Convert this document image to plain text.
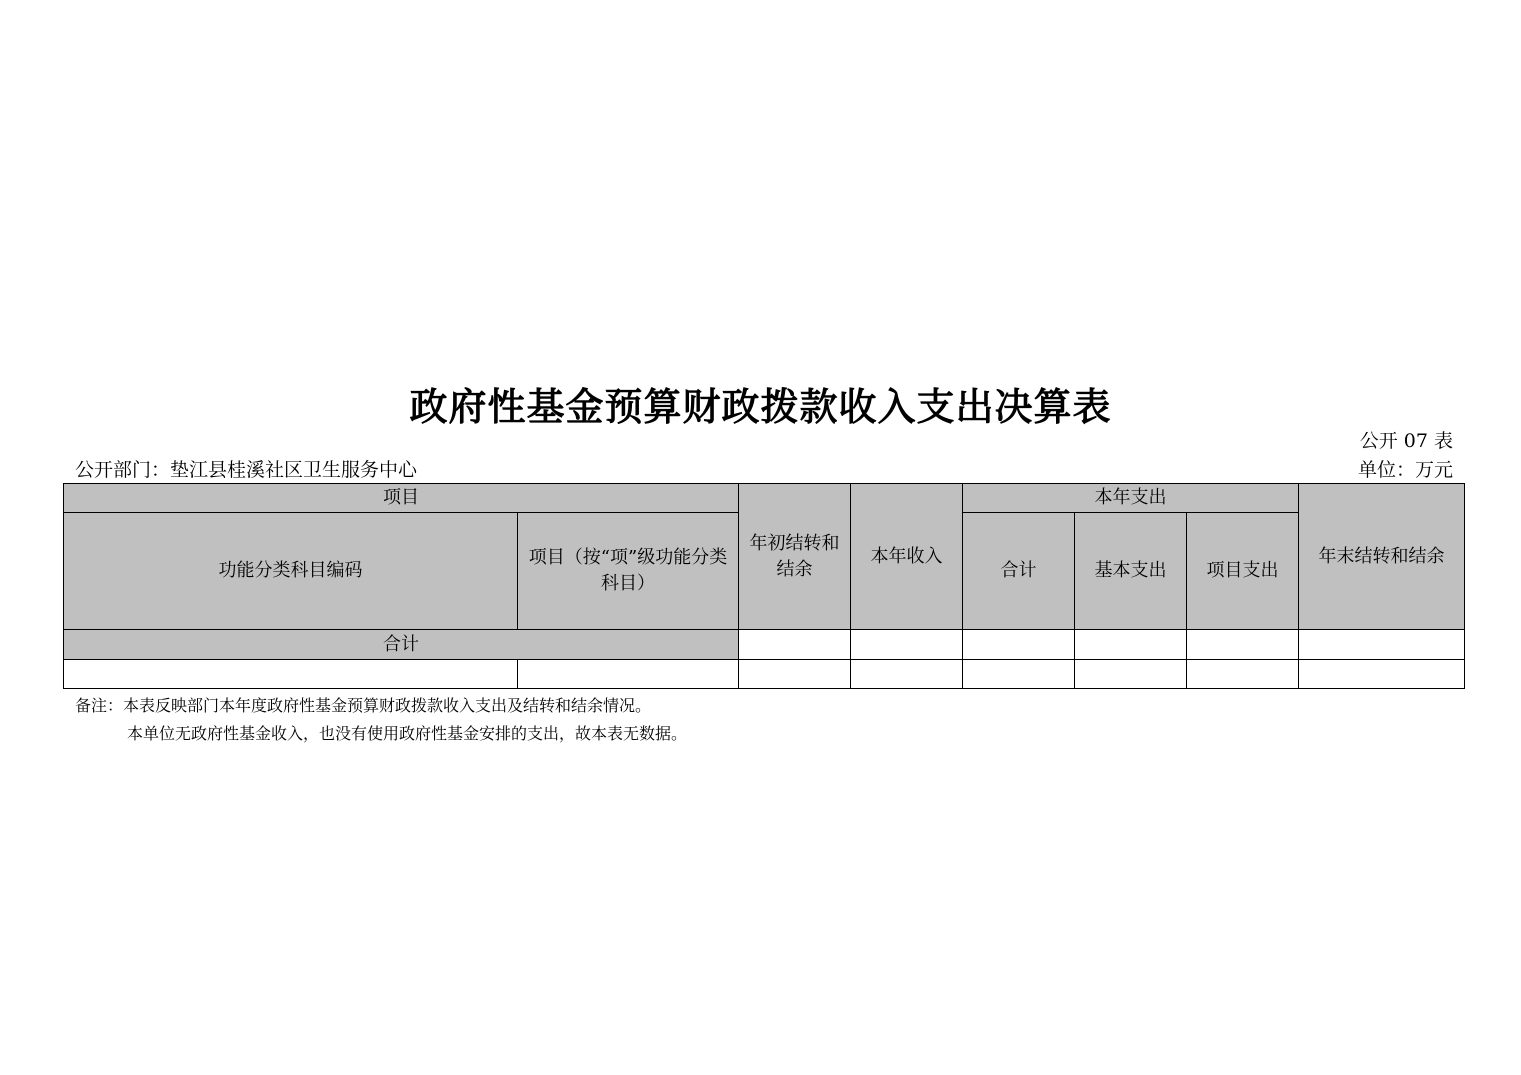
政府性基金预算财政拨款收入支出决算表
公开 07 表
公开部门：垫江县桂溪社区卫生服务中心	单位：万元
项目		年初结转和结余	本年收入	本年支出			年末结转和结余
功能分类科目编码	项目（按“项”级功能分类科目）			合计	基本支出	项目支出	
合计							

备注：本表反映部门本年度政府性基金预算财政拨款收入支出及结转和结余情况。
本单位无政府性基金收入，也没有使用政府性基金安排的支出，故本表无数据。
